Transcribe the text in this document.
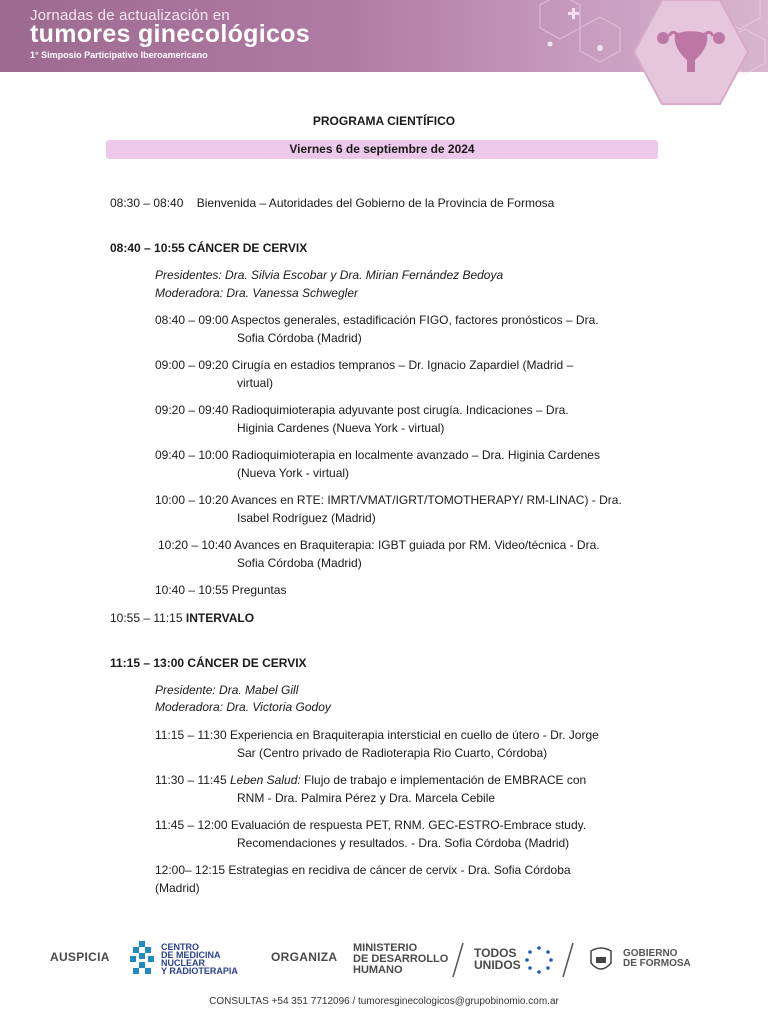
Jornadas de actualización en
tumores ginecológicos
1° Simposio Participativo Iberoamericano
PROGRAMA CIENTÍFICO
Viernes 6 de septiembre de 2024
08:30 – 08:40 Bienvenida – Autoridades del Gobierno de la Provincia de Formosa
08:40 – 10:55 CÁNCER DE CERVIX
Presidentes: Dra. Silvia Escobar y Dra. Mirian Fernández Bedoya
Moderadora: Dra. Vanessa Schwegler
08:40 – 09:00 Aspectos generales, estadificación FIGO, factores pronósticos – Dra.
Sofia Córdoba (Madrid)
09:00 – 09:20 Cirugía en estadios tempranos – Dr. Ignacio Zapardiel (Madrid –
virtual)
09:20 – 09:40 Radioquimioterapia adyuvante post cirugía. Indicaciones – Dra.
Higinia Cardenes (Nueva York - virtual)
09:40 – 10:00 Radioquimioterapia en localmente avanzado – Dra. Higinia Cardenes
(Nueva York - virtual)
10:00 – 10:20 Avances en RTE: IMRT/VMAT/IGRT/TOMOTHERAPY/ RM-LINAC) - Dra.
Isabel Rodríguez (Madrid)
10:20 – 10:40 Avances en Braquiterapia: IGBT guiada por RM. Video/técnica - Dra.
Sofia Córdoba (Madrid)
10:40 – 10:55 Preguntas
10:55 – 11:15 INTERVALO
11:15 – 13:00 CÁNCER DE CERVIX
Presidente: Dra. Mabel Gill
Moderadora: Dra. Victoria Godoy
11:15 – 11:30 Experiencia en Braquiterapia intersticial en cuello de útero - Dr. Jorge
Sar (Centro privado de Radioterapia Rio Cuarto, Córdoba)
11:30 – 11:45 Leben Salud: Flujo de trabajo e implementación de EMBRACE con
RNM - Dra. Palmira Pérez y Dra. Marcela Cebile
11:45 – 12:00 Evaluación de respuesta PET, RNM. GEC-ESTRO-Embrace study.
Recomendaciones y resultados. - Dra. Sofia Córdoba (Madrid)
12:00– 12:15 Estrategias en recidiva de cáncer de cervix - Dra. Sofia Córdoba
(Madrid)
AUSPICIA
CENTRO
DE MEDICINA
NUCLEAR
Y RADIOTERAPIA
ORGANIZA
MINISTERIO
DE DESARROLLO
HUMANO
TODOS
UNIDOS
GOBIERNO
DE FORMOSA
CONSULTAS +54 351 7712096 / tumoresginecologicos@grupobinomio.com.ar
